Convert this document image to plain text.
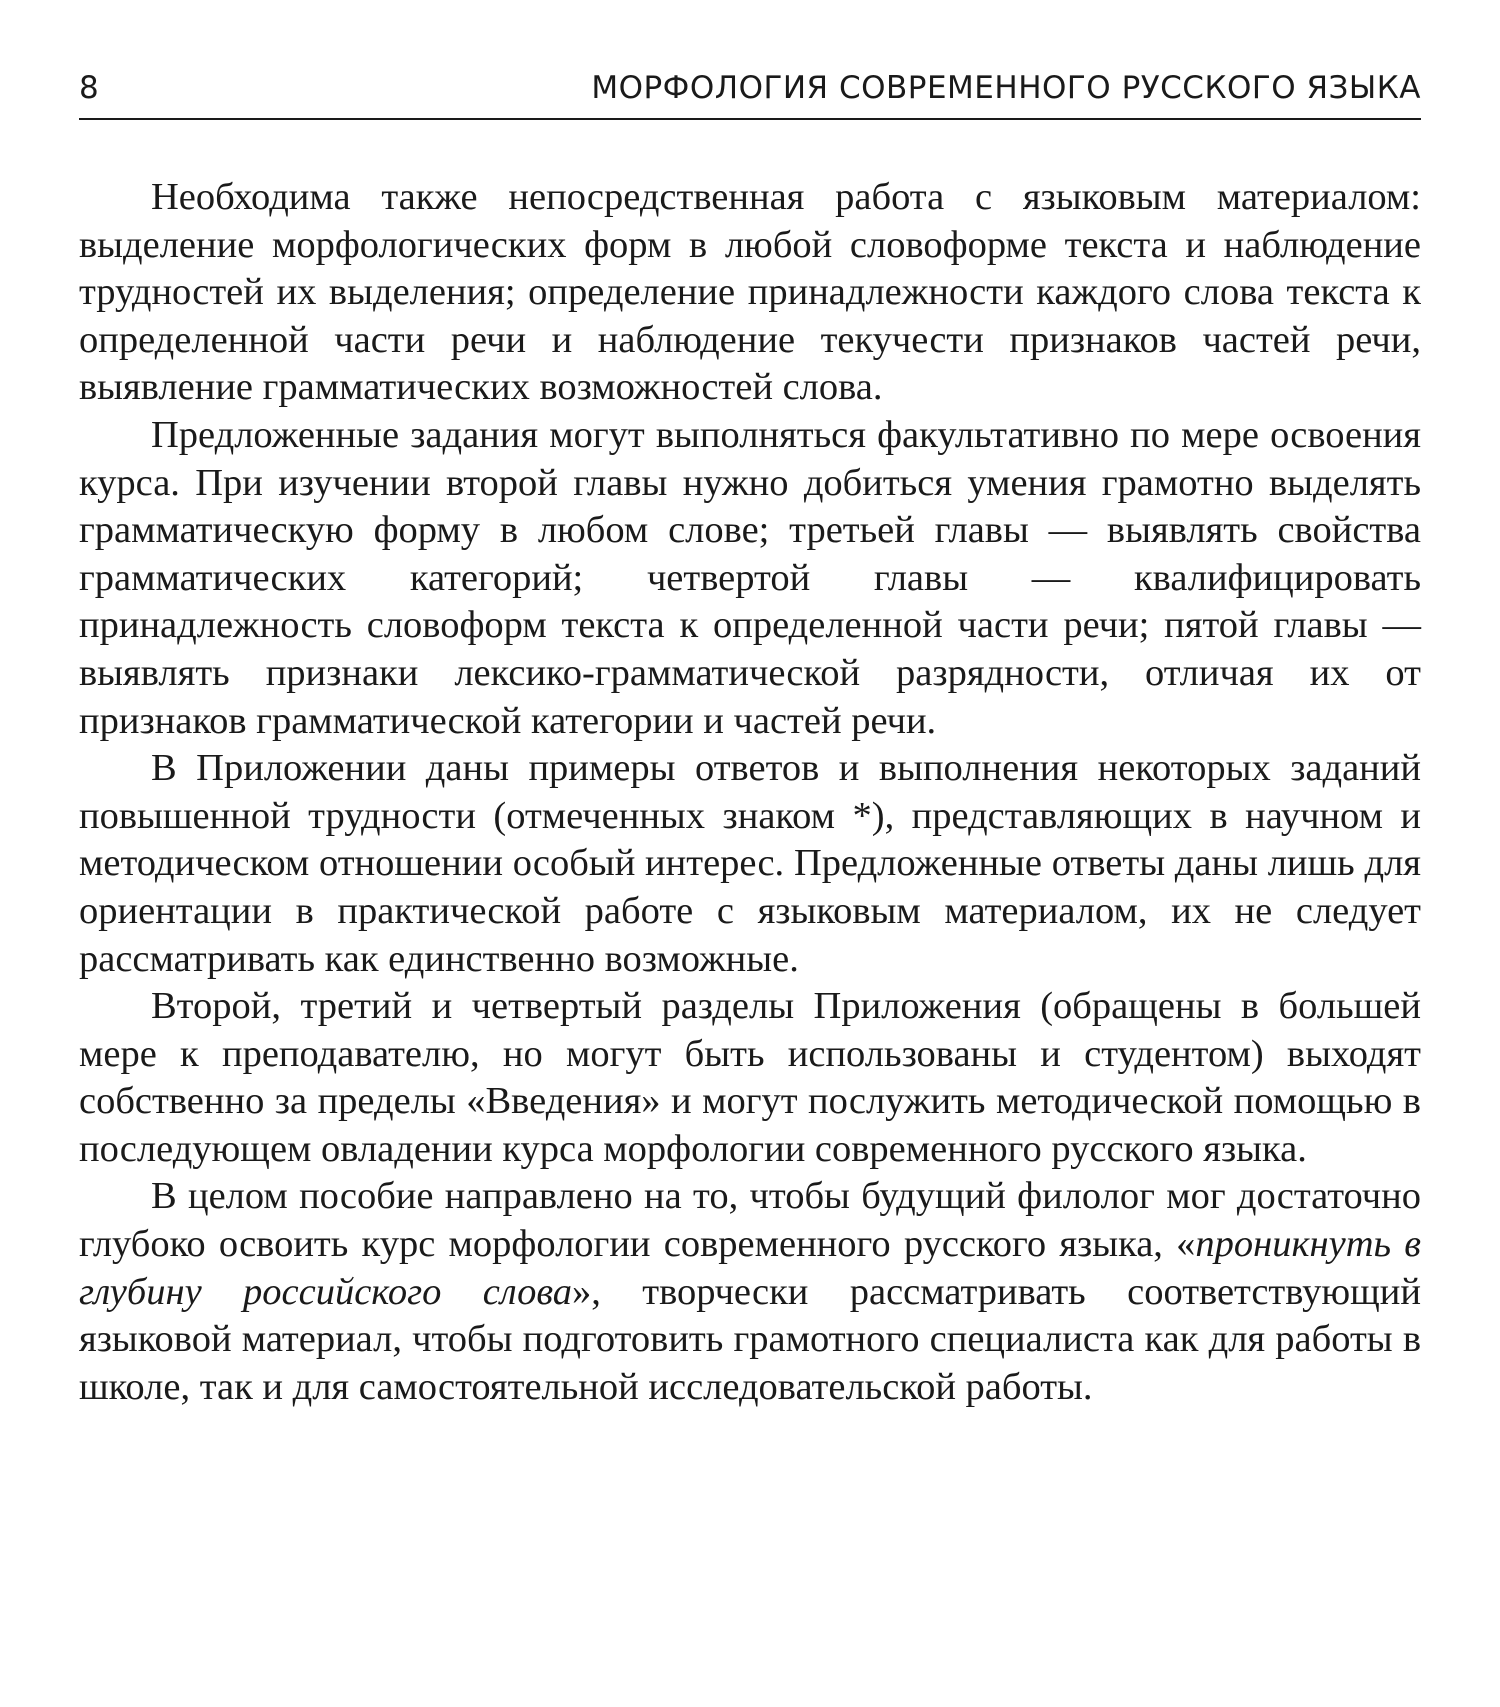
8	МОРФОЛОГИЯ СОВРЕМЕННОГО РУССКОГО ЯЗЫКА

Необходима также непосредственная работа с языковым материалом: выделение морфологических форм в любой словоформе текста и наблюдение трудностей их выделения; определение принадлежности каждого слова текста к определенной части речи и наблюдение текучести признаков частей речи, выявление грамматических возможностей слова.

Предложенные задания могут выполняться факультативно по мере освоения курса. При изучении второй главы нужно добиться умения грамотно выделять грамматическую форму в любом слове; третьей главы — выявлять свойства грамматических категорий; четвертой главы — квалифицировать принадлежность словоформ текста к определенной части речи; пятой главы — выявлять признаки лексико-грамматической разрядности, отличая их от признаков грамматической категории и частей речи.

В Приложении даны примеры ответов и выполнения некоторых заданий повышенной трудности (отмеченных знаком *), представляющих в научном и методическом отношении особый интерес. Предложенные ответы даны лишь для ориентации в практической работе с языковым материалом, их не следует рассматривать как единственно возможные.

Второй, третий и четвертый разделы Приложения (обращены в большей мере к преподавателю, но могут быть использованы и студентом) выходят собственно за пределы «Введения» и могут послужить методической помощью в последующем овладении курса морфологии современного русского языка.

В целом пособие направлено на то, чтобы будущий филолог мог достаточно глубоко освоить курс морфологии современного русского языка, «проникнуть в глубину российского слова», творчески рассматривать соответствующий языковой материал, чтобы подготовить грамотного специалиста как для работы в школе, так и для самостоятельной исследовательской работы.
